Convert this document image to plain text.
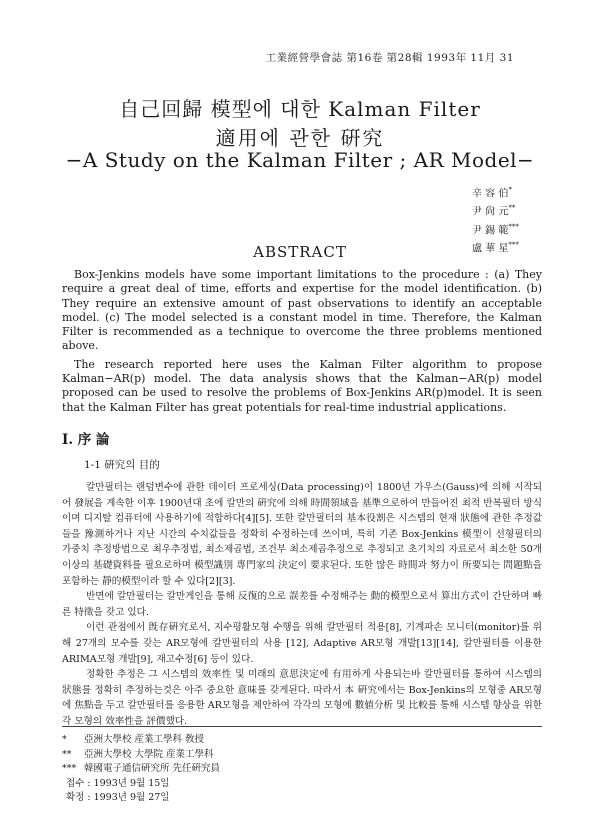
工業經營學會誌 第16卷 第28輯 1993年 11月 31
自己回歸 模型에 대한 Kalman Filter
適用에 관한 硏究
−A Study on the Kalman Filter ; AR Model−
辛 容 伯*
尹 尙 元**
尹 錫 範***
盧 華 星***
ABSTRACT

Box-Jenkins models have some important limitations to the procedure : (a) They require a great deal of time, efforts and expertise for the model identification. (b) They require an extensive amount of past observations to identify an acceptable model. (c) The model selected is a constant model in time. Therefore, the Kalman Filter is recommended as a technique to overcome the three problems mentioned above.

The research reported here uses the Kalman Filter algorithm to propose Kalman−AR(p) model. The data analysis shows that the Kalman−AR(p) model proposed can be used to resolve the problems of Box-Jenkins AR(p)model. It is seen that the Kalman Filter has great potentials for real-time industrial applications.

I. 序 論
1-1 硏究의 目的

칼만필터는 랜덤변수에 관한 데이터 프로세싱(Data processing)이 1800년 가우스(Gauss)에 의해 시작되어 發展을 계속한 이후 1900년대 초에 칼만의 硏究에 의해 時間領域을 基準으로하여 만들어진 최적 반복필터 방식이며 디지탈 컴퓨터에 사용하기에 적합하다[4][5]. 또한 칼만필터의 基本役割은 시스템의 현재 狀態에 관한 추정값들을 豫測하거나 지난 시간의 수치값들을 정확히 수정하는데 쓰이며, 특히 기존 Box-Jenkins 模型이 선형필터의 가중치 추정방법으로 최우추정법, 최소제곱법, 조건부 최소제곱추정으로 추정되고 초기치의 자료로서 최소한 50개 이상의 基礎資料를 필요로하며 模型識別 專門家의 決定이 要求된다. 또한 많은 時間과 努力이 所要되는 問題點을 포함하는 靜的模型이라 할 수 있다[2][3].

반면에 칼만필터는 칼만게인을 통해 反復的으로 誤差를 수정해주는 動的模型으로서 算出方式이 간단하며 빠른 特徵을 갖고 있다.

이런 관점에서 旣存硏究로서, 지수평활모형 수행을 위해 칼만필터 적용[8], 기계파손 모니터(monitor)를 위해 27개의 모수를 갖는 AR모형에 칼만필터의 사용 [12], Adaptive AR모형 개발[13][14], 칼만필터를 이용한 ARIMA모형 개발[9], 재고수정[6] 등이 있다.

정확한 추정은 그 시스템의 效率性 및 미래의 意思決定에 有用하게 사용되는바 칼만필터를 통하여 시스템의 狀態를 정확히 추정하는것은 아주 중요한 意味를 갖게된다. 따라서 本 硏究에서는 Box-Jenkins의 모형중 AR모형에 焦點을 두고 칼만필터를 응용한 AR모형을 제안하여 각각의 모형에 數値分析 및 比較를 통해 시스템 향상을 위한 각 모형의 效率性을 評價했다.

* 亞洲大學校 産業工學科 敎授
** 亞洲大學校 大學院 産業工學科
*** 韓國電子通信硏究所 先任硏究員
접수 : 1993년 9월 15일
확정 : 1993년 9월 27일
